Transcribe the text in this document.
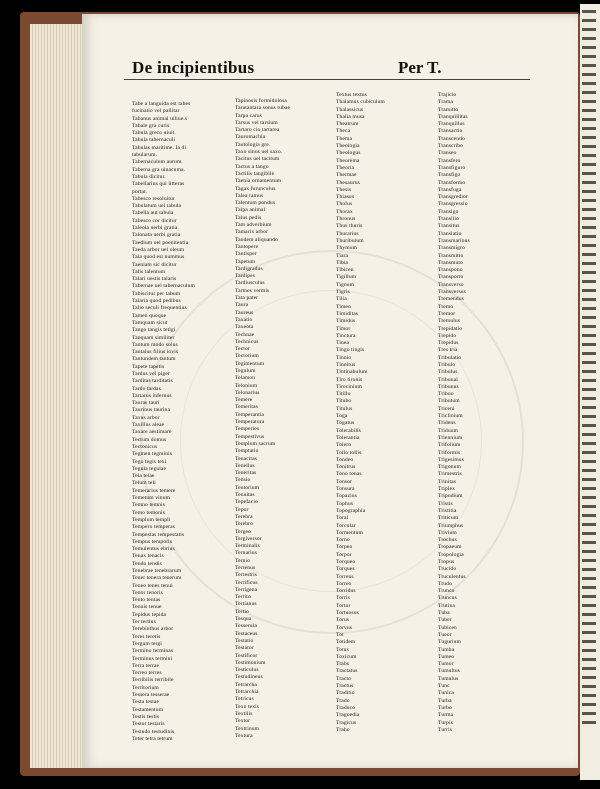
De incipientibus	Per T.
Tabe a languida est tabes
fucinatio vel pallitar
Tabanus animal uiliue.s
Tabale gra curis
Tabula greco uiuit.
Tabula tabernaculi
Tabulas maritime. Ia di
tabularum.
Tabernaculum aurum.
Taberna gra uinacuma.
Tabula dicitur.
Tabellarius qui litteras
portat.
Tabesco resoluitur
Tabulatum uel tabula
Tabella aut tabula
Tabesco cor dicitur
Taleola uerbi gratia
Talonata uerbi gratia
Taedium uel poenitentia
Taeda arbor uel oleum
Tala quod est nummus
Taeniam sic dicitur
Talis talentum
Talari uestis talaris
Tabernae uel tabernaculum
Tabiscitur per tabum
Talaria quod pedibus
Talio seculi frequentius
Tamen quoque
Tamquam sicut
Tango tangis tetigi
Tanquam similiter
Tantum modo solus
Tantalus filius iovis
Tantundem tantum
Tapete tapetis
Tardus vel piger
Tarditas tarditatis
Tardo tardas
Tartarus infernus
Tauras tauri
Taurinus taurina
Taxus arbor
Taxillus aleae
Taxare aestimare
Tectum domus
Tectonicus
Tegmen tegminis
Tego tegis texi
Tegula tegulae
Tela telae
Telum teli
Temerarius temere
Temetum vinum
Temno temnis
Temo temonis
Templum templi
Tempero temperas
Tempestas tempestatis
Tempus temporis
Temulentus ebrius
Tenax tenacis
Tendo tendis
Tenebrae tenebrarum
Tener tenera tenerum
Teneo tenes tenui
Tenor tenoris
Tento tentas
Tenuis tenue
Tepidus tepida
Ter tertius
Terebinthus arbor
Teres teretis
Tergum tergi
Termino terminas
Terminus termini
Terra terrae
Terreo terres
Terribilis terribile
Territorium
Tessera tesserae
Testa testae
Testamentum
Testis testis
Testor testaris
Testudo testudinis
Teter tetra tetrum
Tapinosis formidolosa
Taratantara sonus tubae
Tarpa carus
Tarsus vel tarsium
Tartaro cio tartarea
Tauromachia
Tautologia gre.
Taxo sinus uel saxo.
Tacitus uel tacitum
Tactus a tango
Tactilis tangibile
Taenia ornamentum
Tagax furunculus
Talea ramus
Talentum pondus
Talpa animal
Talus pedis
Tam adverbium
Tamarix arbor
Tandem aliquando
Tantopere
Tantisper
Tapetum
Tardigradus
Tardipes
Tardiusculus
Tarmes vermis
Tata pater
Taura
Taureus
Taxatio
Taxeota
Technae
Technicus
Tector
Tectorium
Tegimentum
Tegulum
Telamon
Telonium
Telonarius
Temere
Temeritas
Temperantia
Temperatura
Temperies
Tempestivus
Templum sacrum
Temptatio
Tenacitas
Tenellus
Teneritas
Tensio
Tentorium
Tenuitas
Tepefacio
Tepor
Terebra
Terebro
Tergeo
Tergiversor
Terminalis
Ternarius
Ternio
Terrenus
Terrestris
Terrificus
Terrigena
Territo
Tertianus
Tertio
Tesqua
Tesserula
Testaceus
Testatio
Testator
Testificor
Testimonium
Testiculus
Testudineus
Tetrarcha
Tetrarchia
Tetricus
Texo texis
Textilis
Textor
Textrinum
Textura
Textus textus
Thalamus cubiculum
Thalassicus
Thalia musa
Theatrum
Theca
Thema
Theologia
Theologus
Theorema
Theoria
Thermae
Thesaurus
Thesis
Thiasus
Tholus
Thorax
Thronus
Thus thuris
Thurarius
Thuribulum
Thymum
Tiara
Tibia
Tibicen
Tigillum
Tignum
Tigris
Tilia
Timeo
Timiditas
Timidus
Timor
Tinctura
Tinea
Tingo tingis
Tinnio
Tinnitus
Tintinabulum
Tiro tironis
Tirocinium
Titillo
Titubo
Titulus
Toga
Togatus
Tolerabilis
Tolerantia
Tolero
Tollo tollis
Tondeo
Tonitrus
Tono tonas
Tonsor
Tonsura
Topazius
Tophus
Topographia
Toral
Torcular
Tormentum
Torno
Torpeo
Torpor
Torqueo
Torques
Torrens
Torreo
Torridus
Torris
Tortor
Tortuosus
Torus
Torvus
Tot
Totidem
Totus
Toxicum
Trabs
Tractatus
Tracto
Tractus
Traditio
Trado
Traduco
Tragoedia
Tragicus
Traho
Trajicio
Trama
Tramitto
Tranquillitas
Tranquillus
Transactio
Transcendo
Transcribo
Transeo
Transfero
Transfiguro
Transfigo
Transformo
Transfuga
Transgredior
Transgressio
Transigo
Transilio
Transitus
Translatio
Transmarinus
Transmigro
Transmitto
Transmuto
Transpono
Transporto
Transverso
Transversus
Tremendus
Tremo
Tremor
Tremulus
Trepidatio
Trepido
Trepidus
Tres tria
Tribulatio
Tribulo
Tribulus
Tribunal
Tribunus
Tribuo
Tributum
Triceni
Triclinium
Tridens
Triduum
Triennium
Trifolium
Triformis
Trigesimus
Trigonum
Trimestris
Trinitas
Triplex
Tripudium
Tristis
Tristitia
Triticum
Triumphus
Trivium
Trochus
Tropaeum
Tropologia
Tropus
Trucido
Truculentus
Trudo
Trunco
Truncus
Trutina
Tuba
Tuber
Tubicen
Tueor
Tugurium
Tumba
Tumeo
Tumor
Tumultus
Tumulus
Tunc
Tunica
Turba
Turbo
Turma
Turpis
Turris
